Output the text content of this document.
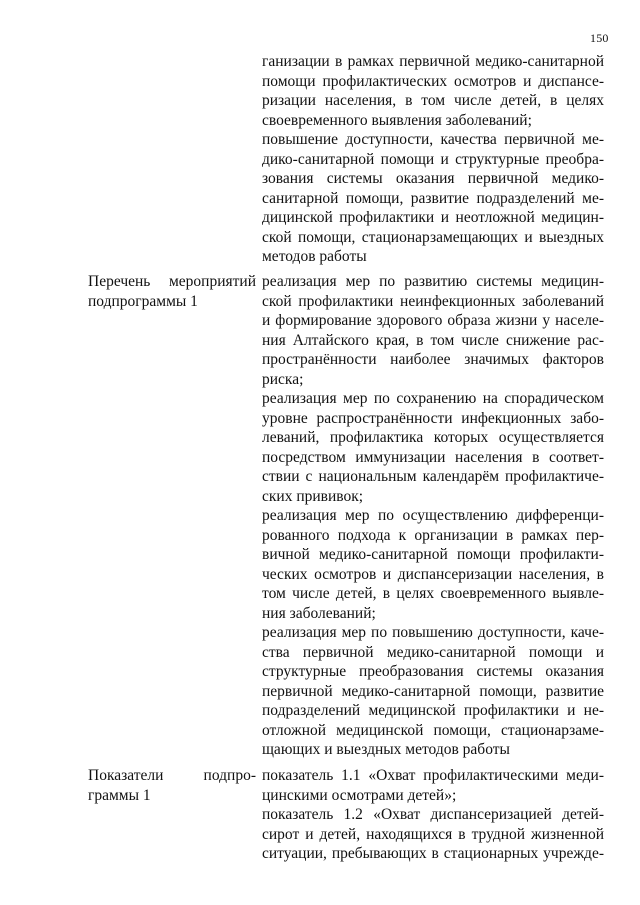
150
ганизации в рамках первичной медико-санитарной
помощи профилактических осмотров и диспансе-
ризации населения, в том числе детей, в целях
своевременного выявления заболеваний;
повышение доступности, качества первичной ме-
дико-санитарной помощи и структурные преобра-
зования системы оказания первичной медико-
санитарной помощи, развитие подразделений ме-
дицинской профилактики и неотложной медицин-
ской помощи, стационарзамещающих и выездных
методов работы
Перечень мероприятий
подпрограммы 1
реализация мер по развитию системы медицин-
ской профилактики неинфекционных заболеваний
и формирование здорового образа жизни у населе-
ния Алтайского края, в том числе снижение рас-
пространённости наиболее значимых факторов
риска;
реализация мер по сохранению на спорадическом
уровне распространённости инфекционных забо-
леваний, профилактика которых осуществляется
посредством иммунизации населения в соответ-
ствии с национальным календарём профилактиче-
ских прививок;
реализация мер по осуществлению дифференци-
рованного подхода к организации в рамках пер-
вичной медико-санитарной помощи профилакти-
ческих осмотров и диспансеризации населения, в
том числе детей, в целях своевременного выявле-
ния заболеваний;
реализация мер по повышению доступности, каче-
ства первичной медико-санитарной помощи и
структурные преобразования системы оказания
первичной медико-санитарной помощи, развитие
подразделений медицинской профилактики и не-
отложной медицинской помощи, стационарзаме-
щающих и выездных методов работы
Показатели подпро-
граммы 1
показатель 1.1 «Охват профилактическими меди-
цинскими осмотрами детей»;
показатель 1.2 «Охват диспансеризацией детей-
сирот и детей, находящихся в трудной жизненной
ситуации, пребывающих в стационарных учрежде-
